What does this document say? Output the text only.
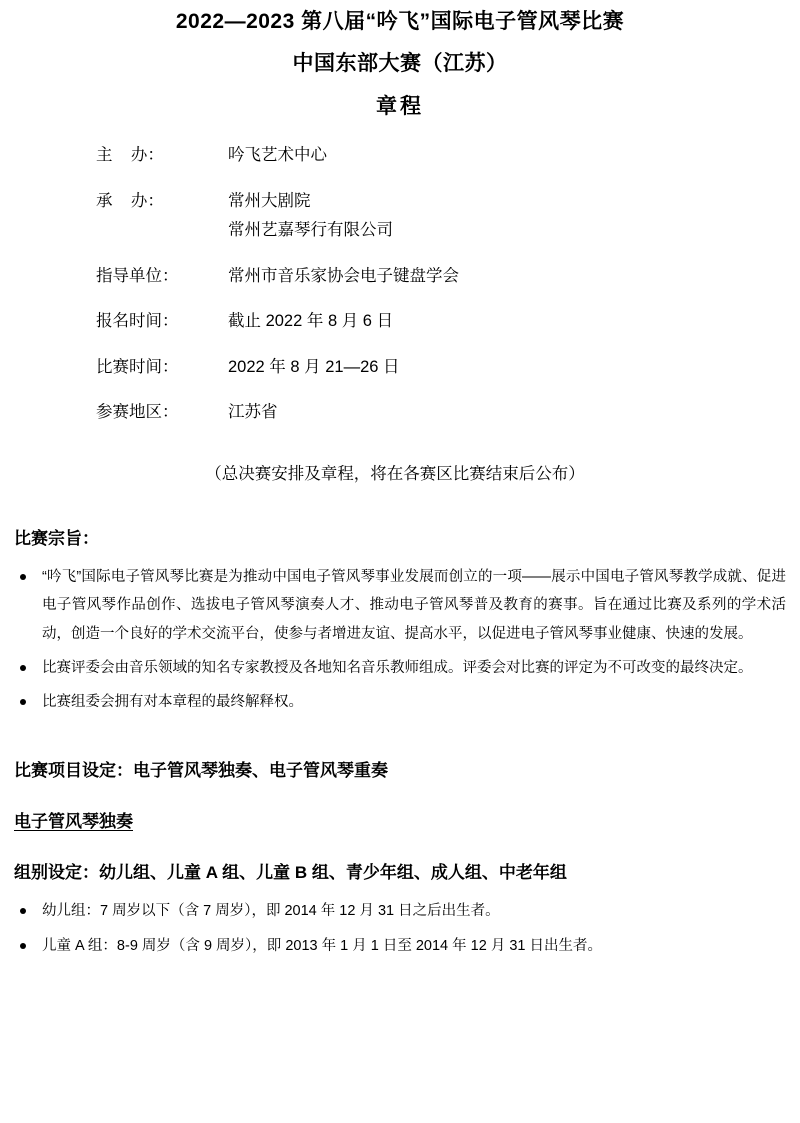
2022—2023 第八届“吟飞”国际电子管风琴比赛
中国东部大赛（江苏）
章程
主    办：	吟飞艺术中心
承    办：	常州大剧院
常州艺嘉琴行有限公司
指导单位：	常州市音乐家协会电子键盘学会
报名时间：	截止 2022 年 8 月 6 日
比赛时间：	2022 年 8 月 21—26 日
参赛地区：	江苏省
（总决赛安排及章程，将在各赛区比赛结束后公布）
比赛宗旨：
“吟飞”国际电子管风琴比赛是为推动中国电子管风琴事业发展而创立的一项——展示中国电子管风琴教学成就、促进电子管风琴作品创作、选拔电子管风琴演奏人才、推动电子管风琴普及教育的赛事。旨在通过比赛及系列的学术活动，创造一个良好的学术交流平台，使参与者增进友谊、提高水平，以促进电子管风琴事业健康、快速的发展。
比赛评委会由音乐领域的知名专家教授及各地知名音乐教师组成。评委会对比赛的评定为不可改变的最终决定。
比赛组委会拥有对本章程的最终解释权。
比赛项目设定：电子管风琴独奏、电子管风琴重奏
电子管风琴独奏
组别设定：幼儿组、儿童 A 组、儿童 B 组、青少年组、成人组、中老年组
幼儿组：7 周岁以下（含 7 周岁），即 2014 年 12 月 31 日之后出生者。
儿童 A 组：8-9 周岁（含 9 周岁），即 2013 年 1 月 1 日至 2014 年 12 月 31 日出生者。
